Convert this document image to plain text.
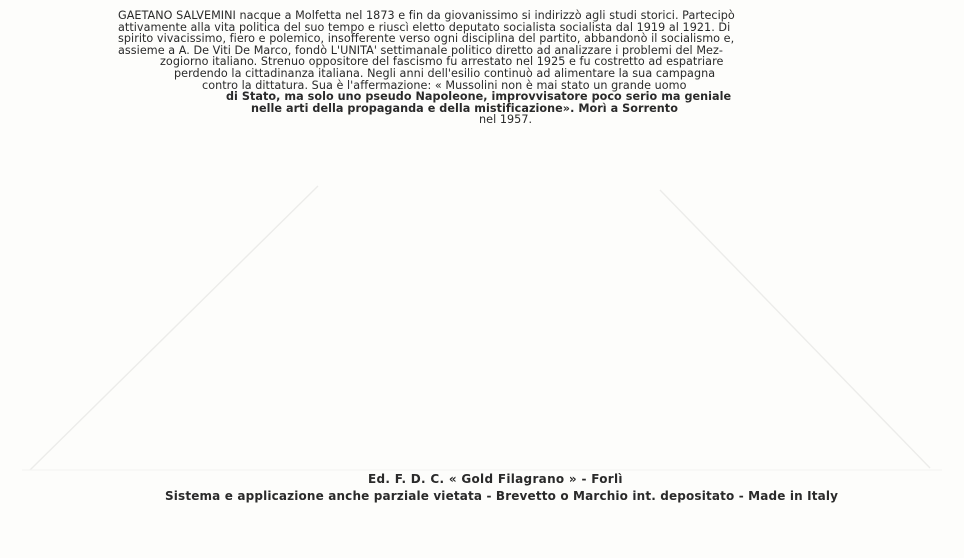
GAETANO SALVEMINI nacque a Molfetta nel 1873 e fin da giovanissimo si indirizzò agli studi storici. Partecipò
attivamente alla vita politica del suo tempo e riuscì eletto deputato socialista socialista dal 1919 al 1921. Di
spirito vivacissimo, fiero e polemico, insofferente verso ogni disciplina del partito, abbandonò il socialismo e,
assieme a A. De Viti De Marco, fondò L'UNITA' settimanale politico diretto ad analizzare i problemi del Mez-
zogiorno italiano. Strenuo oppositore del fascismo fu arrestato nel 1925 e fu costretto ad espatriare
perdendo la cittadinanza italiana. Negli anni dell'esilio continuò ad alimentare la sua campagna
contro la dittatura. Sua è l'affermazione: « Mussolini non è mai stato un grande uomo
di Stato, ma solo uno pseudo Napoleone, improvvisatore poco serio ma geniale
nelle arti della propaganda e della mistificazione». Morì a Sorrento
nel 1957.
Ed. F. D. C. « Gold Filagrano » - Forlì
Sistema e applicazione anche parziale vietata - Brevetto o Marchio int. depositato - Made in Italy
